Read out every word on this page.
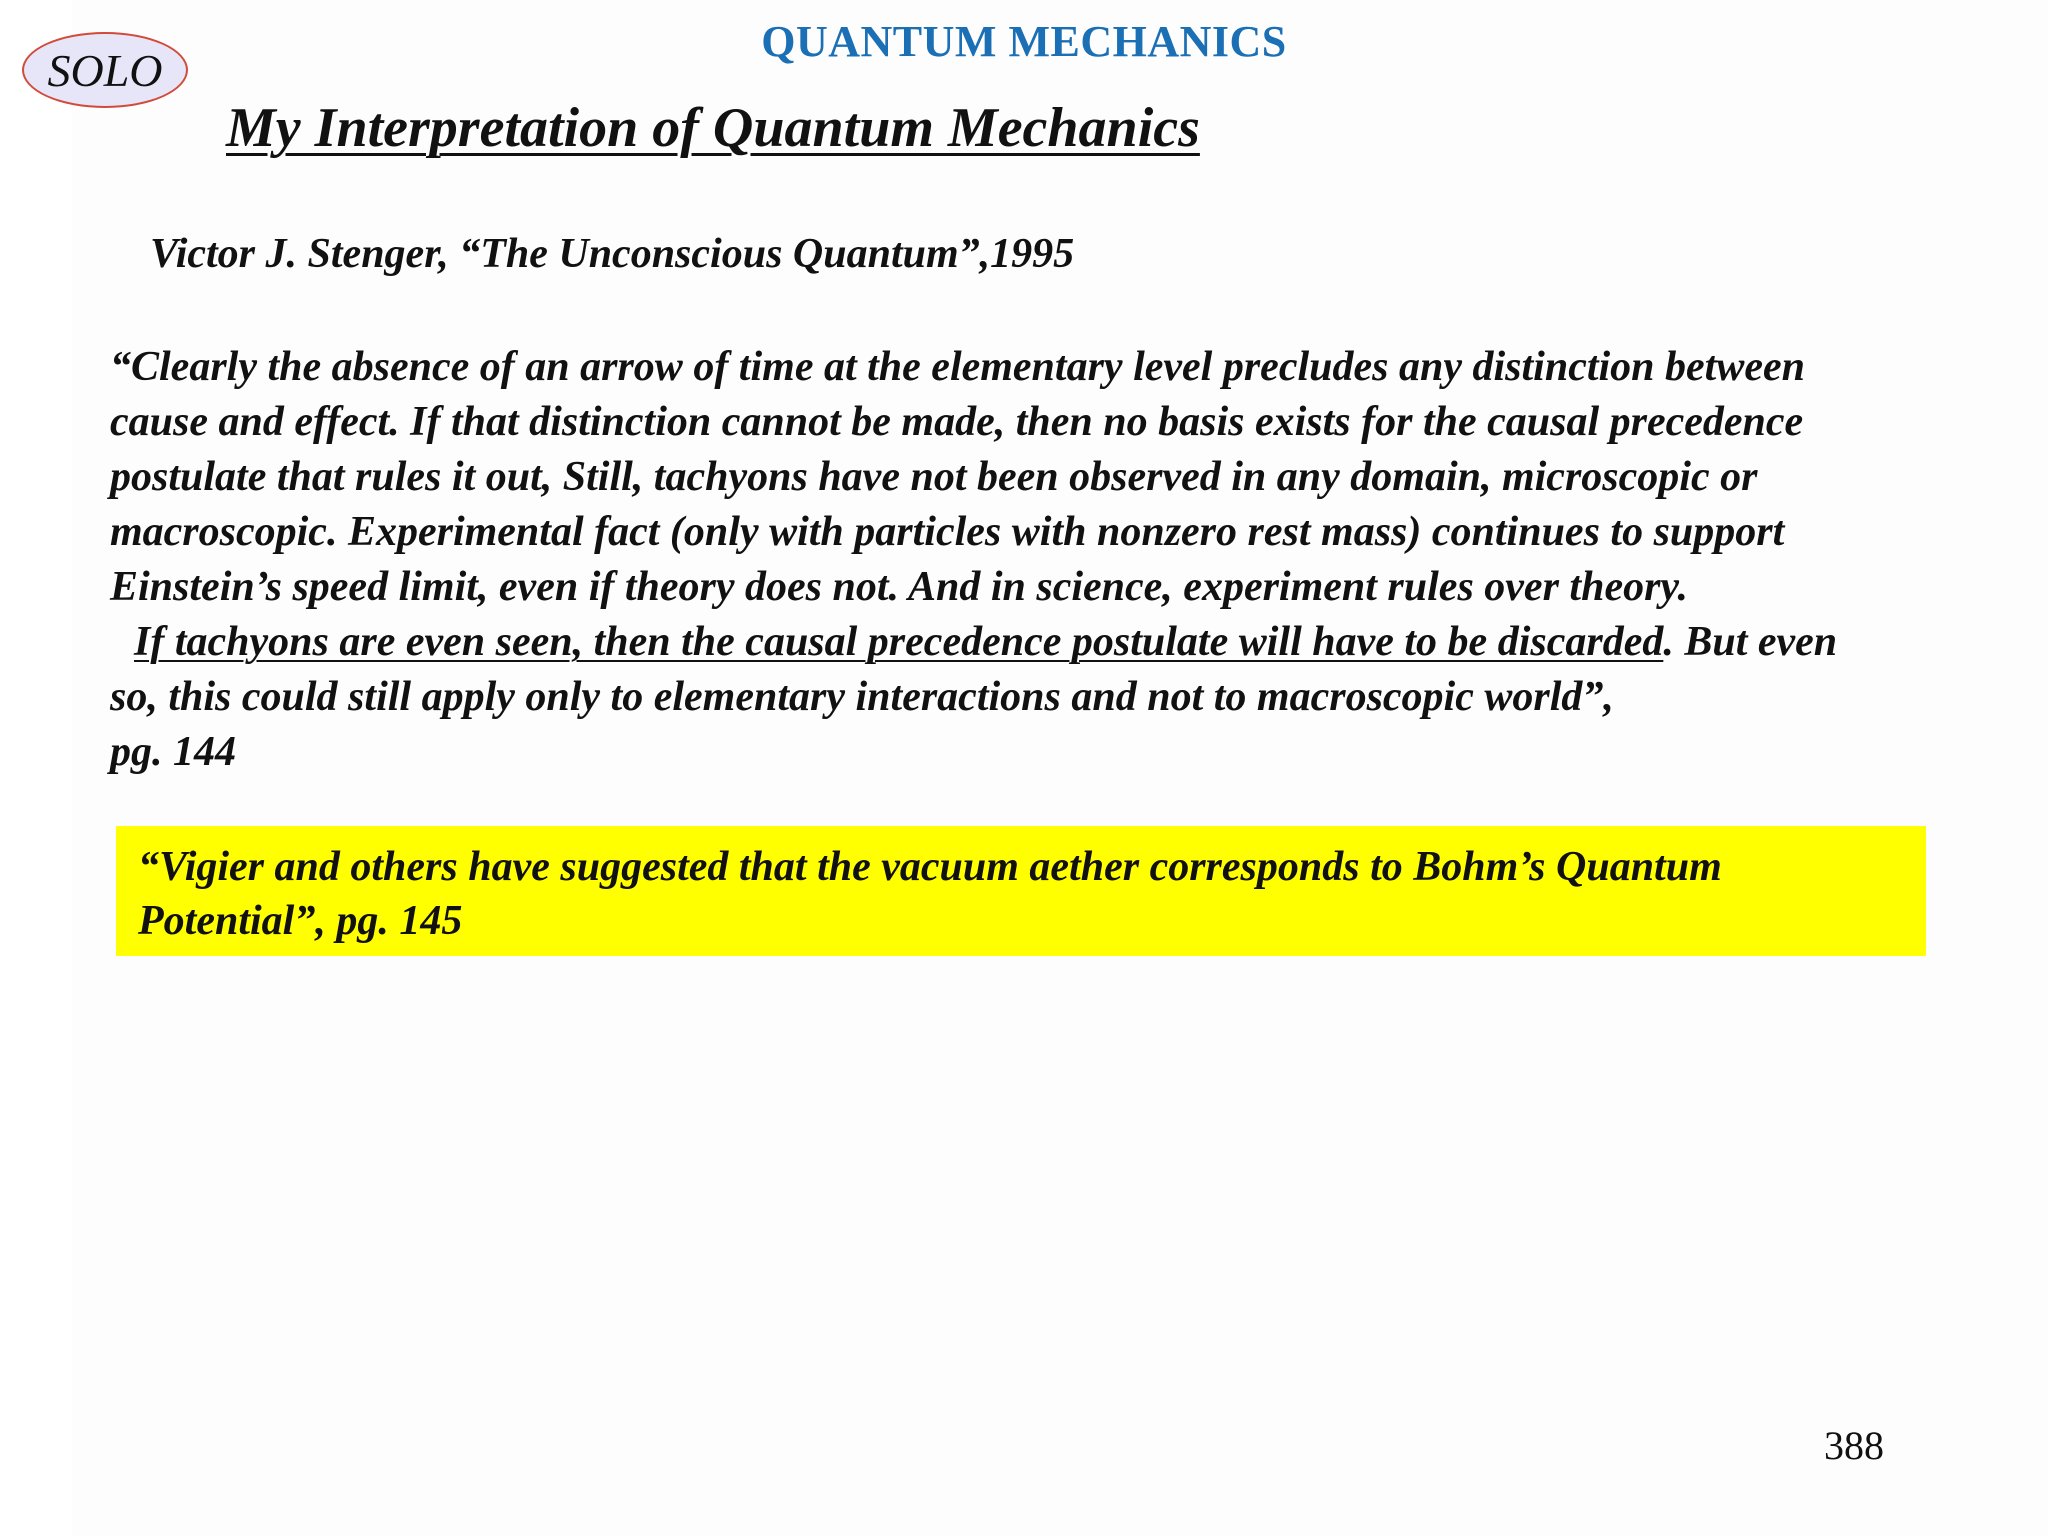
QUANTUM MECHANICS
SOLO
My Interpretation of Quantum Mechanics
Victor J. Stenger, “The Unconscious Quantum”,1995
“Clearly the absence of an arrow of time at the elementary level precludes any distinction between
cause and effect. If that distinction cannot be made, then no basis exists for the causal precedence
postulate that rules it out, Still, tachyons have not been observed in any domain, microscopic or
macroscopic. Experimental fact (only with particles with nonzero rest mass) continues to support
Einstein’s speed limit, even if theory does not. And in science, experiment rules over theory.
If tachyons are even seen, then the causal precedence postulate will have to be discarded. But even
so, this could still apply only to elementary interactions and not to macroscopic world”,
pg. 144
“Vigier and others have suggested that the vacuum aether corresponds to Bohm’s Quantum
Potential”, pg. 145
388
